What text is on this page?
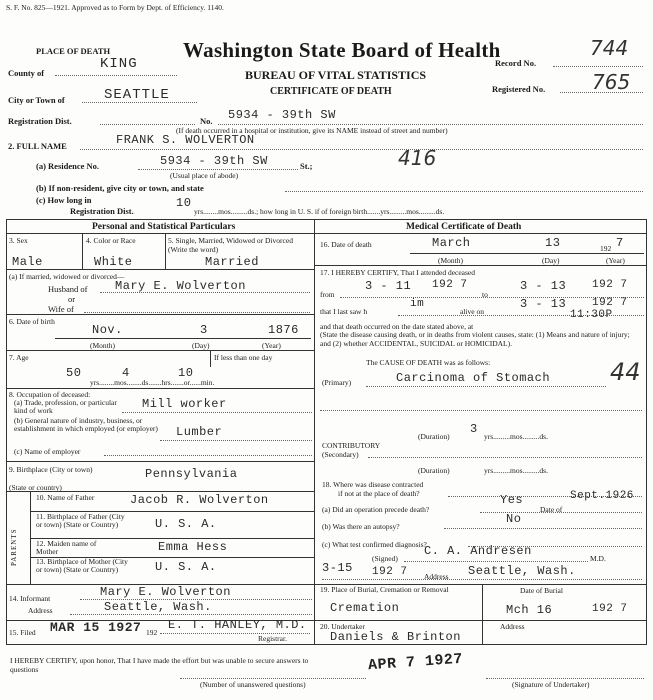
S. F. No. 825—1921. Approved as to Form by Dept. of Efficiency. 1140.
PLACE OF DEATH
County of
KING
City or Town of	SEATTLE
Washington State Board of Health
BUREAU OF VITAL STATISTICS
CERTIFICATE OF DEATH
Record No.
744
Registered No. 765
Registration Dist.	No. 5934 - 39th SW
(If death occurred in a hospital or institution, give its NAME instead of street and number)
2. FULL NAME	FRANK S. WOLVERTON
(a) Residence No.	5934 - 39th SW	St.;
(Usual place of abode)
416
(b) If non-resident, give city or town, and state
(c) How long in
Registration Dist.
10
yrs........mos.........ds.; how long in U. S. if of foreign birth.......yrs.........mos.........ds.
Personal and Statistical Particulars	Medical Certificate of Death
3. Sex
Male
4. Color or Race
White
5. Single, Married, Widowed or Divorced (Write the word)
Married
(a) If married, widowed or divorced—
Husband of Mary E. Wolverton
or
Wife of
6. Date of birth
Nov.	3	1876
(Month)	(Day)	(Year)
7. Age	If less than one day
50	4	10
yrs........mos........ds.......hrs.......or......min.
8. Occupation of deceased:
(a) Trade, profession, or particular kind of work	Mill worker
(b) General nature of industry, business, or establishment in which employed (or employer)	Lumber
(c) Name of employer
9. Birthplace (City or town)	Pennsylvania
(State or country)
PARENTS
10. Name of Father	Jacob R. Wolverton
11. Birthplace of Father (City or town) (State or Country)	U. S. A.
12. Maiden name of Mother	Emma Hess
13. Birthplace of Mother (City or town) (State or Country)	U. S. A.
14. Informant	Mary E. Wolverton
Address	Seattle, Wash.
15. Filed MAR 15 1927 192
E. T. HANLEY, M.D.
Registrar.
16. Date of death	March	13	192 7
(Month)	(Day)	(Year)
17. I HEREBY CERTIFY, That I attended deceased
from
3 - 11 192 7
to
3 - 13 192 7
that I last saw h
im
alive on
3 - 13 192 7
and that death occurred on the date stated above, at
11:30P
(State the disease causing death, or in deaths from violent causes, state: (1) Means and nature of injury; and (2) whether ACCIDENTAL, SUICIDAL or HOMICIDAL).
The CAUSE OF DEATH was as follows:
(Primary)	Carcinoma of Stomach 44
(Duration)
3
yrs.........mos.........ds.
CONTRIBUTORY
(Secondary)
(Duration)	yrs.........mos.........ds.
18. Where was disease contracted
if not at the place of death?
(a) Did an operation precede death?
Yes
Date of
Sept.1926
(b) Was there an autopsy?
No
(c) What test confirmed diagnosis?
(Signed)
C. A. Andresen
M.D.
3-15 192 7 Address Seattle, Wash.
19. Place of Burial, Cremation or Removal
Cremation
Date of Burial
Mch 16	192 7
20. Undertaker
Daniels & Brinton
Address
I HEREBY CERTIFY, upon honor, That I have made the effort but was unable to secure answers to questions
(Number of unanswered questions)
APR 7 1927
(Signature of Undertaker)
